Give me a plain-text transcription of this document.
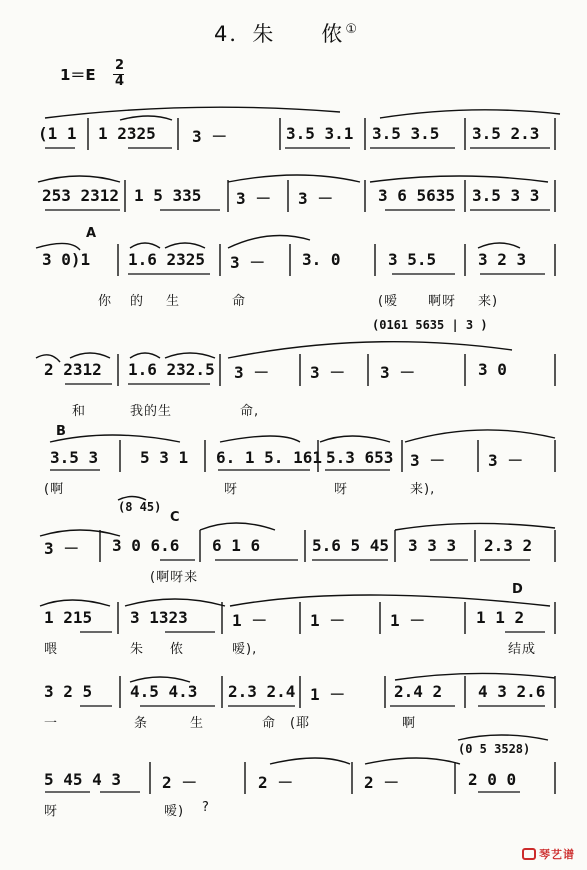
4．朱　　侬①
1＝E
2
4
(1 1 1 2325 3 －	3.5 3.1 3.5 3.5 3.5 2.3
253 2312 1 5 335 3 － 3 －	3 6 5635 3.5 3 3
A
3 0)1 1.6 2325 3 － 3. 0	3 5.5	3 2 3
你 的 生	命	(嗳 啊呀 来)
(0161 5635 | 3 )
2 2312 1.6 232.5 3 －	3 － 3 －	3 0
和	我的生	命,
B
3.5 3	5 3 1 6. 1 5. 161 5.3 653 3 －	3 －
(啊	呀	呀	来),
(8 45)
C
3 － 3 0 6.6 6 1 6	5.6 5 45 3 3 3 2.3 2
(啊呀来
D
1 215 3 1323	1 －	1 －	1 －	1 1 2
喂	朱 侬	嗳),	结成
3 2 5 4.5 4.3 2.3 2.4 1 －	2.4 2 4 3 2.6
一	条	生	命 (耶	啊
(0 5 3528)
5 45 4 3	2 －	2 －	2 －	2 0 0
呀	嗳) ?
琴艺谱
